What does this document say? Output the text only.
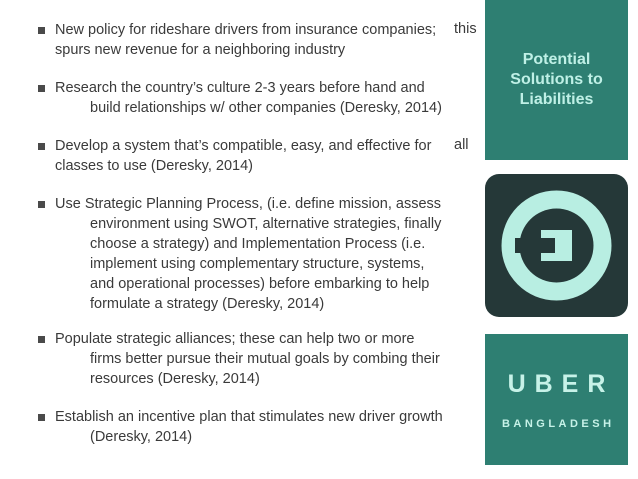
New policy for rideshare drivers from insurance companies;
spurs new revenue for a neighboring industry
this
Research the country’s culture 2-3 years before hand and
build relationships w/ other companies (Deresky, 2014)
Develop a system that’s compatible, easy, and effective for
classes to use (Deresky, 2014)
all
Use Strategic Planning Process, (i.e. define mission, assess
environment using SWOT, alternative strategies, finally
choose a strategy) and Implementation Process (i.e.
implement using complementary structure, systems,
and operational processes) before embarking to help
formulate a strategy (Deresky, 2014)
Populate strategic alliances; these can help two or more
firms better pursue their mutual goals by combing their
resources (Deresky, 2014)
Establish an incentive plan that stimulates new driver growth
(Deresky, 2014)
Potential
Solutions to
Liabilities
UBER
BANGLADESH
